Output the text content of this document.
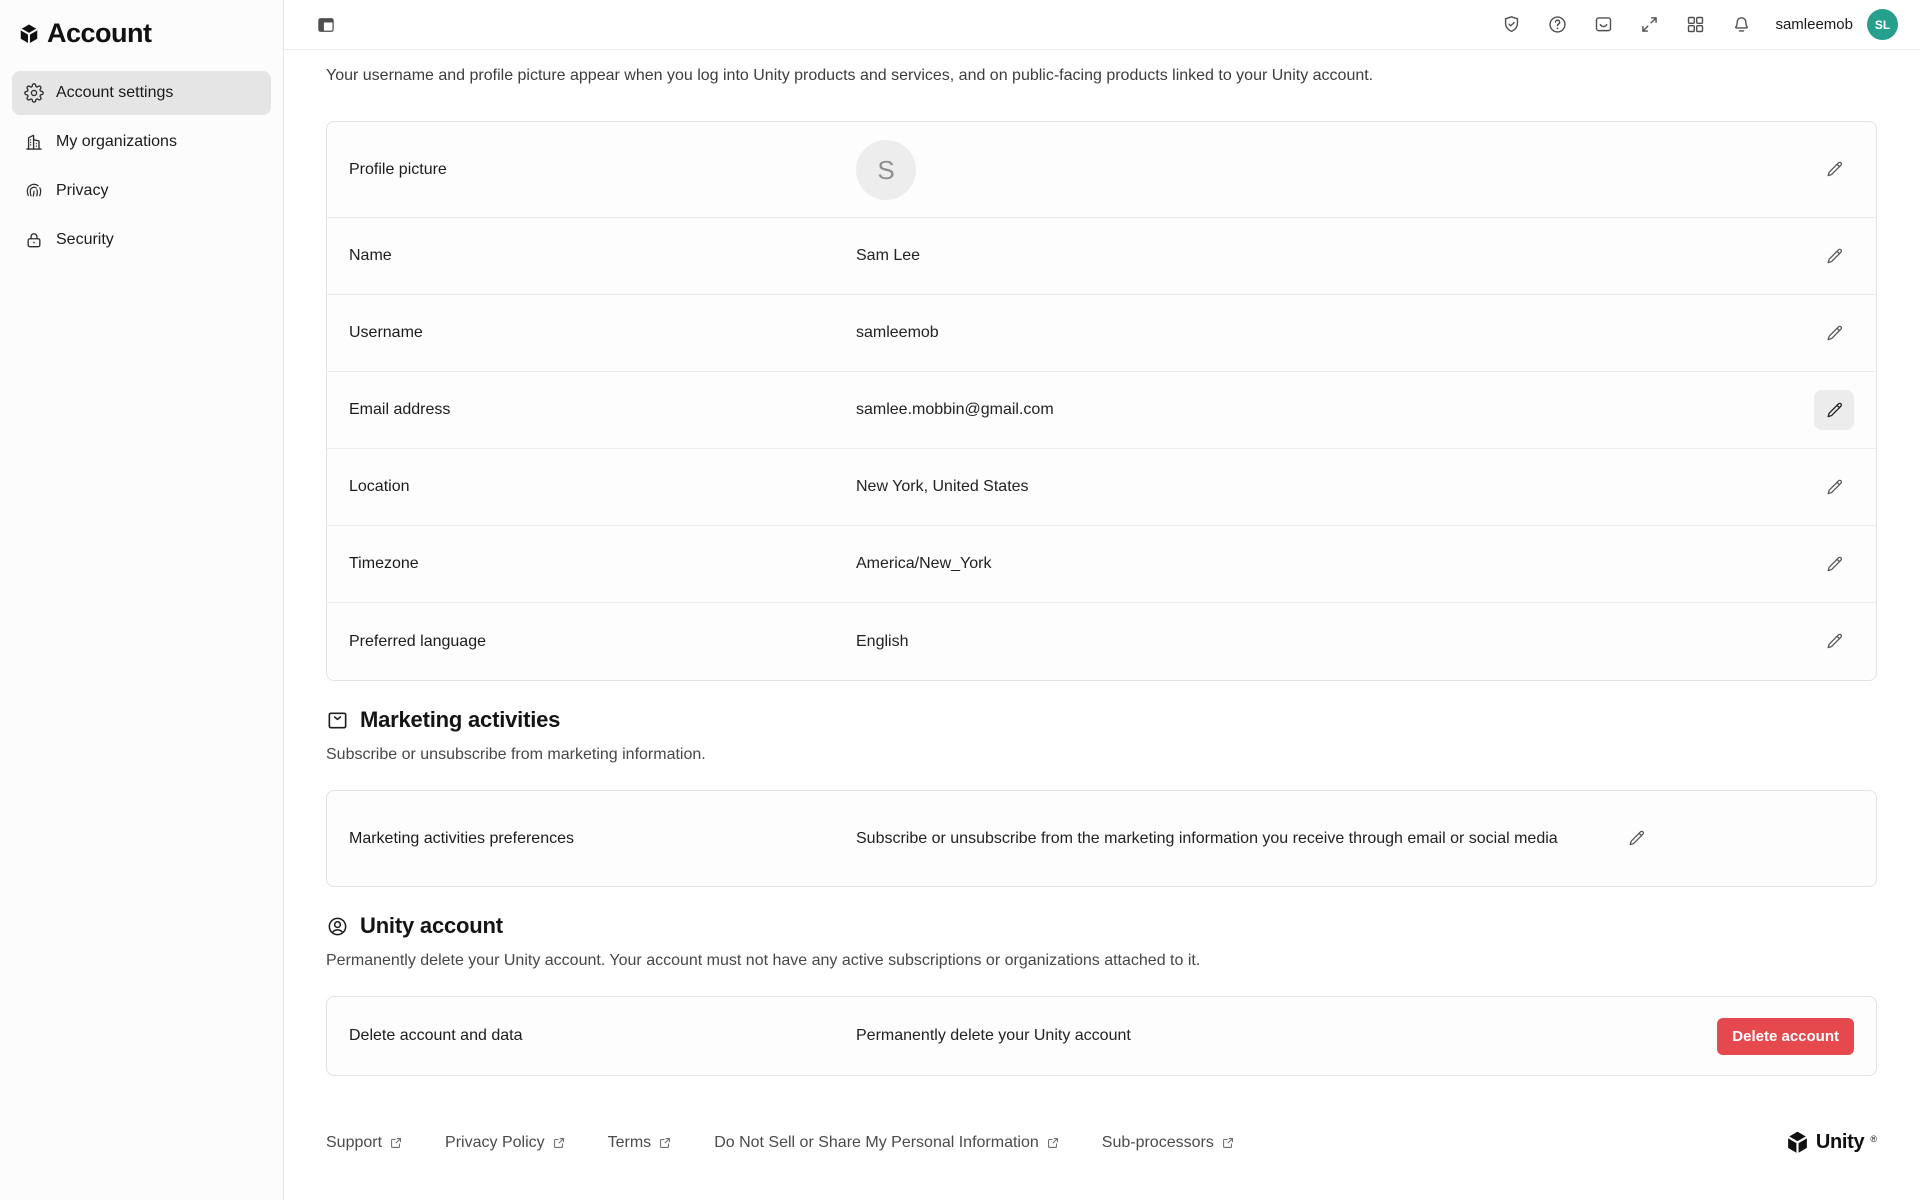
Account
Account settings
My organizations
Privacy
Security
samleemob	SL

Your username and profile picture appear when you log into Unity products and services, and on public-facing products linked to your Unity account.

Profile picture	S
Name	Sam Lee
Username	samleemob
Email address	samlee.mobbin@gmail.com
Location	New York, United States
Timezone	America/New_York
Preferred language	English
Marketing activities

Subscribe or unsubscribe from marketing information.

Marketing activities preferences	Subscribe or unsubscribe from the marketing information you receive through email or social media
Unity account

Permanently delete your Unity account. Your account must not have any active subscriptions or organizations attached to it.

Delete account and data	Permanently delete your Unity account	Delete account
Support	Privacy Policy	Terms	Do Not Sell or Share My Personal Information	Sub-processors	Unity ®
